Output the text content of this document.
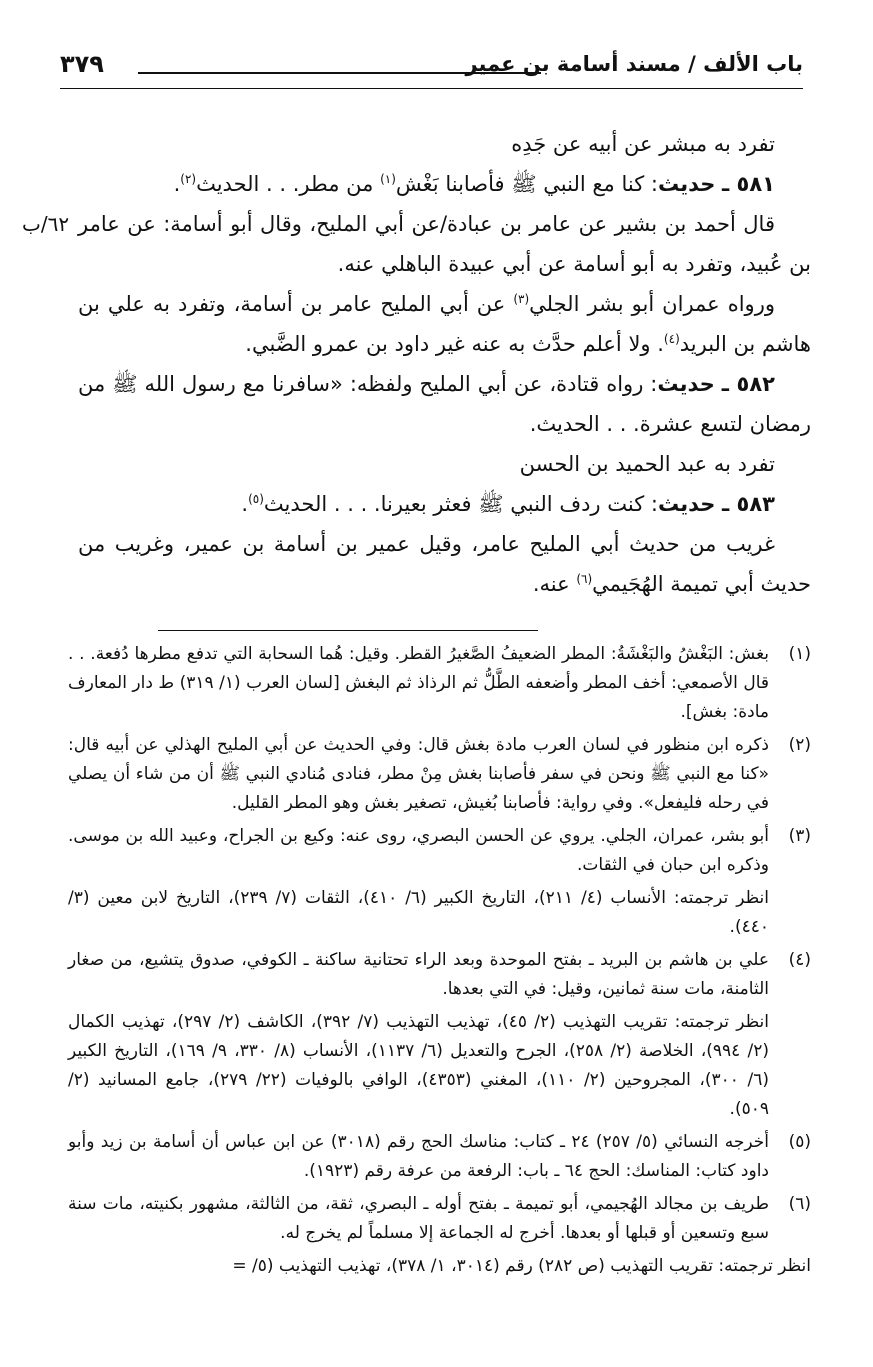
باب الألف / مسند أسامة بن عمير
٣٧٩

تفرد به مبشر عن أبيه عن جَدِه

٥٨١ ـ حديث: كنا مع النبي ﷺ فأصابنا بَغْش$^{(١)}$ من مطر. . . الحديث$^{(٢)}$.

٦٢/ب قال أحمد بن بشير عن عامر بن عبادة/عن أبي المليح، وقال أبو أسامة: عن عامر بن عُبيد، وتفرد به أبو أسامة عن أبي عبيدة الباهلي عنه.

ورواه عمران أبو بشر الجلي$^{(٣)}$ عن أبي المليح عامر بن أسامة، وتفرد به علي بن هاشم بن البريد$^{(٤)}$. ولا أعلم حدَّث به عنه غير داود بن عمرو الضَّبي.

٥٨٢ ـ حديث: رواه قتادة، عن أبي المليح ولفظه: «سافرنا مع رسول الله ﷺ من رمضان لتسع عشرة. . . الحديث.

تفرد به عبد الحميد بن الحسن

٥٨٣ ـ حديث: كنت ردف النبي ﷺ فعثر بعيرنا. . . . الحديث$^{(٥)}$.

غريب من حديث أبي المليح عامر، وقيل عمير بن أسامة بن عمير، وغريب من حديث أبي تميمة الهُجَيمي$^{(٦)}$ عنه.

(١)
بغش: البَغْشُ والبَغْشَةُ: المطر الضعيفُ الصَّغيرُ القطر. وقيل: هُما السحابة التي تدفع مطرها دُفعة. . . قال الأصمعي: أخف المطر وأضعفه الطَّلُّ ثم الرذاذ ثم البغش [لسان العرب (١/ ٣١٩) ط دار المعارف مادة: بغش].
(٢)
ذكره ابن منظور في لسان العرب مادة بغش قال: وفي الحديث عن أبي المليح الهذلي عن أبيه قال: «كنا مع النبي ﷺ ونحن في سفر فأصابنا بغش مِنْ مطر، فنادى مُنادي النبي ﷺ أن من شاء أن يصلي في رحله فليفعل». وفي رواية: فأصابنا بُغيش، تصغير بغش وهو المطر القليل.
(٣)
أبو بشر، عمران، الجلي. يروي عن الحسن البصري، روى عنه: وكيع بن الجراح، وعبيد الله بن موسى. وذكره ابن حبان في الثقات.
انظر ترجمته: الأنساب (٤/ ٢١١)، التاريخ الكبير (٦/ ٤١٠)، الثقات (٧/ ٢٣٩)، التاريخ لابن معين (٣/ ٤٤٠).
(٤)
علي بن هاشم بن البريد ـ بفتح الموحدة وبعد الراء تحتانية ساكنة ـ الكوفي، صدوق يتشيع، من صغار الثامنة، مات سنة ثمانين، وقيل: في التي بعدها.
انظر ترجمته: تقريب التهذيب (٢/ ٤٥)، تهذيب التهذيب (٧/ ٣٩٢)، الكاشف (٢/ ٢٩٧)، تهذيب الكمال (٢/ ٩٩٤)، الخلاصة (٢/ ٢٥٨)، الجرح والتعديل (٦/ ١١٣٧)، الأنساب (٨/ ٣٣٠، ٩/ ١٦٩)، التاريخ الكبير (٦/ ٣٠٠)، المجروحين (٢/ ١١٠)، المغني (٤٣٥٣)، الوافي بالوفيات (٢٢/ ٢٧٩)، جامع المسانيد (٢/ ٥٠٩).
(٥)
أخرجه النسائي (٥/ ٢٥٧) ٢٤ ـ كتاب: مناسك الحج رقم (٣٠١٨) عن ابن عباس أن أسامة بن زيد وأبو داود كتاب: المناسك: الحج ٦٤ ـ باب: الرفعة من عرفة رقم (١٩٢٣).
(٦)
طريف بن مجالد الهُجيمي، أبو تميمة ـ بفتح أوله ـ البصري، ثقة، من الثالثة، مشهور بكنيته، مات سنة سبع وتسعين أو قبلها أو بعدها. أخرج له الجماعة إلا مسلماً لم يخرج له.
انظر ترجمته: تقريب التهذيب (ص ٢٨٢) رقم (٣٠١٤، ١/ ٣٧٨)، تهذيب التهذيب (٥/ =
